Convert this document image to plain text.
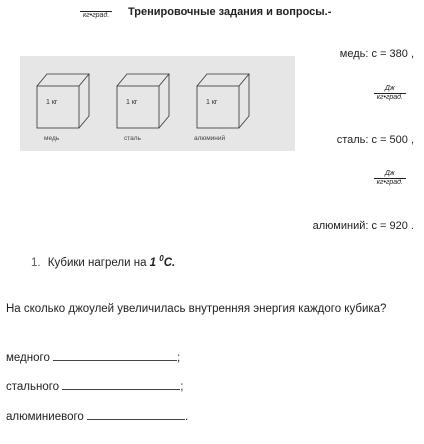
кг•град. Тренировочные задания и вопросы.-
1 кг	1 кг	1 кг
медь	сталь	алюминий
медь: с = 380 ,
$\frac{Дж}{\text{кг•град.}}$
сталь: с = 500 ,
$\frac{Дж}{\text{кг•град.}}$
алюминий: с = 920 .
1. Кубики нагрели на 1 $^0$C.
На сколько джоулей увеличилась внутренняя энергия каждого кубика?
медного	;
стального	;
алюминиевого	.
